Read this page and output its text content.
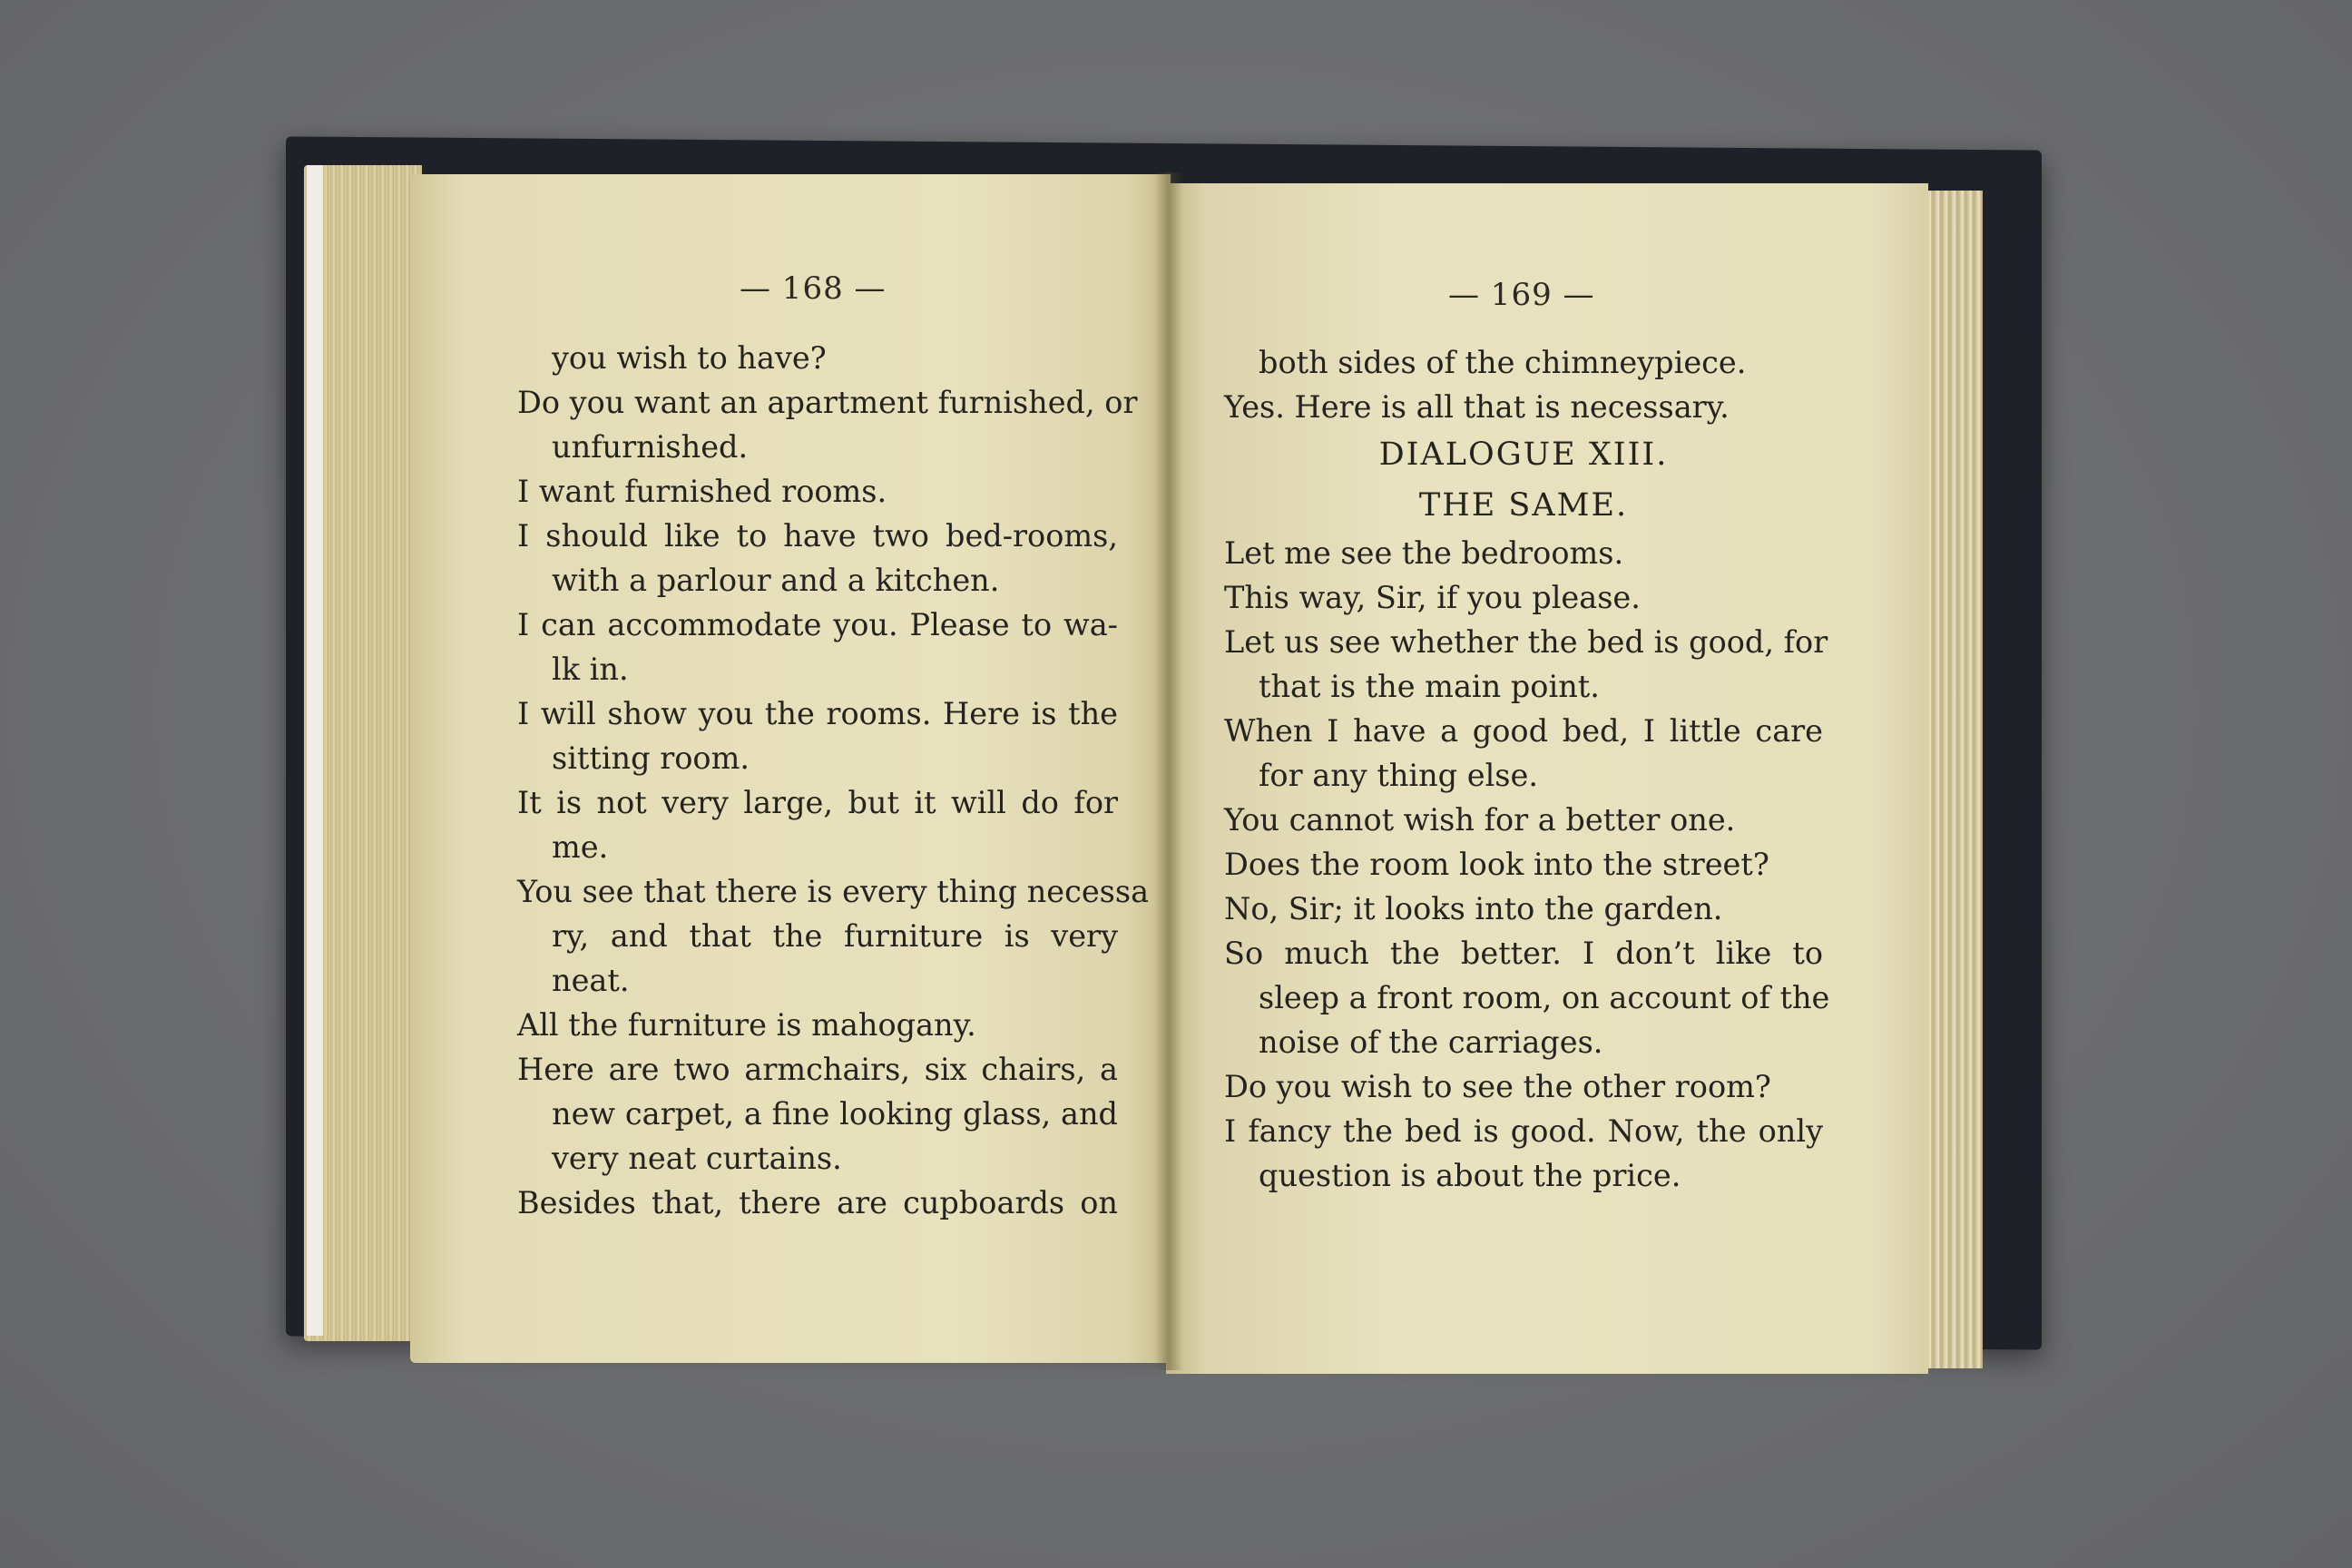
— 168 —	— 169 —
you wish to have?
Do you want an apartment furnished, or
unfurnished.
I want furnished rooms.
I should like to have two bed-rooms,
with a parlour and a kitchen.
I can accommodate you. Please to wa-
lk in.
I will show you the rooms. Here is the
sitting room.
It is not very large, but it will do for
me.
You see that there is every thing necessa
ry, and that the furniture is very
neat.
All the furniture is mahogany.
Here are two armchairs, six chairs, a
new carpet, a fine looking glass, and
very neat curtains.
Besides that, there are cupboards on
both sides of the chimneypiece.
Yes. Here is all that is necessary.
DIALOGUE XIII.
THE SAME.
Let me see the bedrooms.
This way, Sir, if you please.
Let us see whether the bed is good, for
that is the main point.
When I have a good bed, I little care
for any thing else.
You cannot wish for a better one.
Does the room look into the street?
No, Sir; it looks into the garden.
So much the better. I don’t like to
sleep a front room, on account of the
noise of the carriages.
Do you wish to see the other room?
I fancy the bed is good. Now, the only
question is about the price.
